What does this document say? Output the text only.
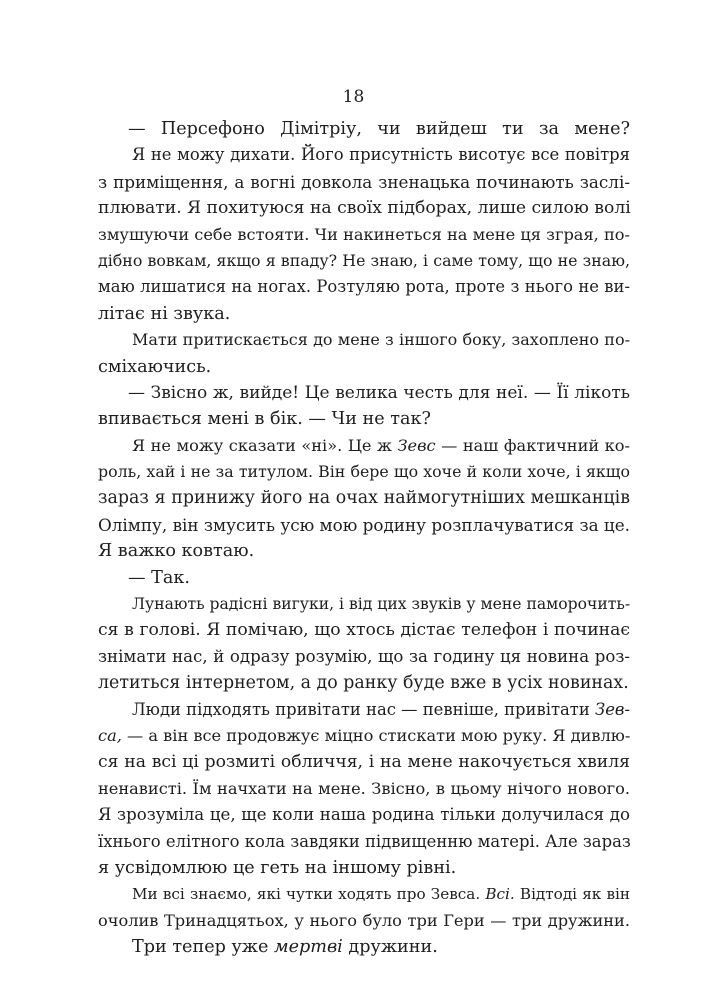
18
— Персефоно Дімітріу, чи вийдеш ти за мене?
Я не можу дихати. Його присутність висотує все повітря
з приміщення, а вогні довкола зненацька починають заслі-
плювати. Я похитуюся на своїх підборах, лише силою волі
змушуючи себе встояти. Чи накинеться на мене ця зграя, по-
дібно вовкам, якщо я впаду? Не знаю, і саме тому, що не знаю,
маю лишатися на ногах. Розтуляю рота, проте з нього не ви-
літає ні звука.
Мати притискається до мене з іншого боку, захоплено по-
сміхаючись.
— Звісно ж, вийде! Це велика честь для неї. — Її лікоть
впивається мені в бік. — Чи не так?
Я не можу сказати «ні». Це ж Зевс — наш фактичний ко-
роль, хай і не за титулом. Він бере що хоче й коли хоче, і якщо
зараз я принижу його на очах наймогутніших мешканців
Олімпу, він змусить усю мою родину розплачуватися за це.
Я важко ковтаю.
— Так.
Лунають радісні вигуки, і від цих звуків у мене паморочить-
ся в голові. Я помічаю, що хтось дістає телефон і починає
знімати нас, й одразу розумію, що за годину ця новина роз-
летиться інтернетом, а до ранку буде вже в усіх новинах.
Люди підходять привітати нас — певніше, привітати Зев-
са, — а він все продовжує міцно стискати мою руку. Я дивлю-
ся на всі ці розмиті обличчя, і на мене накочується хвиля
ненависті. Їм начхати на мене. Звісно, в цьому нічого нового.
Я зрозуміла це, ще коли наша родина тільки долучилася до
їхнього елітного кола завдяки підвищенню матері. Але зараз
я усвідомлюю це геть на іншому рівні.
Ми всі знаємо, які чутки ходять про Зевса. Всі. Відтоді як він
очолив Тринадцятьох, у нього було три Гери — три дружини.
Три тепер уже мертві дружини.
